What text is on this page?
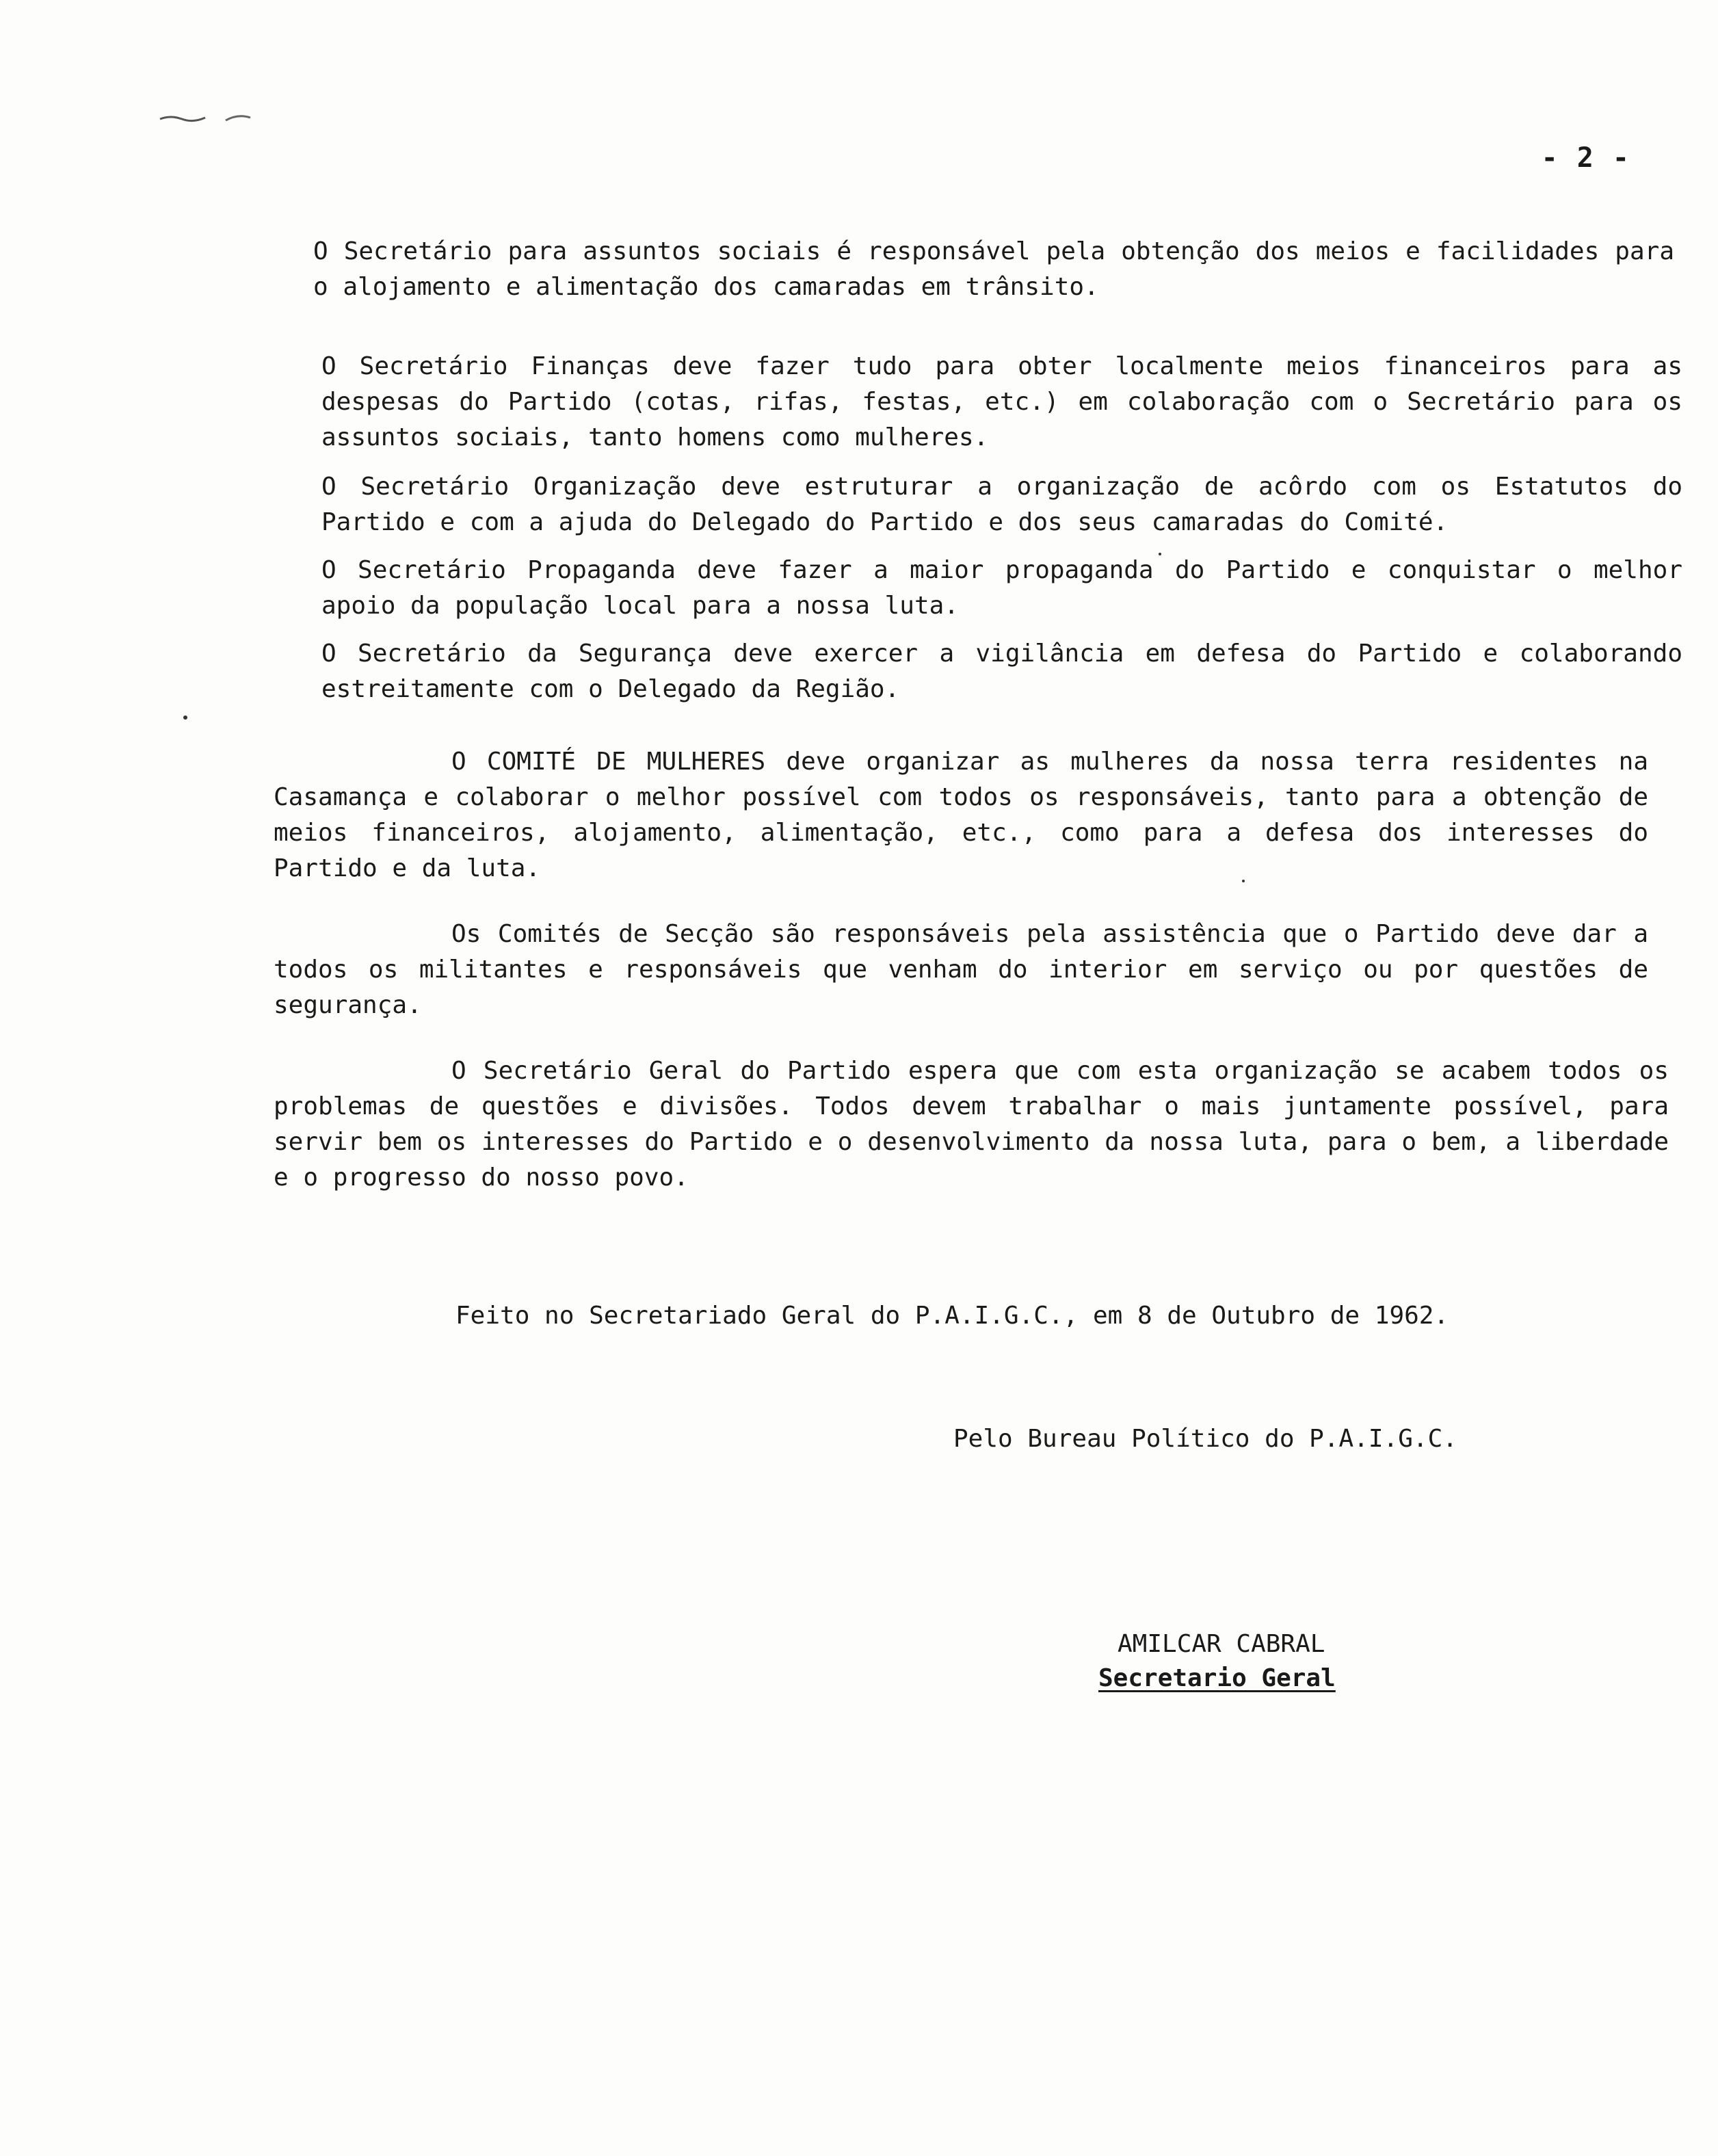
- 2 -

O Secretário para assuntos sociais é responsável pela obtenção dos meios e facilidades para o alojamento e alimentação dos camaradas em trânsito.

O Secretário Finanças deve fazer tudo para obter localmente meios financeiros para as despesas do Partido (cotas, rifas, festas, etc.) em colaboração com o Secretário para os assuntos sociais, tanto homens como mulheres.

O Secretário Organização deve estruturar a organização de acôrdo com os Estatutos do Partido e com a ajuda do Delegado do Partido e dos seus camaradas do Comité.

O Secretário Propaganda deve fazer a maior propaganda do Partido e conquistar o melhor apoio da população local para a nossa luta.

O Secretário da Segurança deve exercer a vigilância em defesa do Partido e colaborando estreitamente com o Delegado da Região.

O COMITÉ DE MULHERES deve organizar as mulheres da nossa terra residentes na Casamança e colaborar o melhor possível com todos os responsáveis, tanto para a obtenção de meios financeiros, alojamento, alimentação, etc., como para a defesa dos interesses do Partido e da luta.

Os Comités de Secção são responsáveis pela assistência que o Partido deve dar a todos os militantes e responsáveis que venham do interior em serviço ou por questões de segurança.

O Secretário Geral do Partido espera que com esta organização se acabem todos os problemas de questões e divisões. Todos devem trabalhar o mais juntamente possível, para servir bem os interesses do Partido e o desenvolvimento da nossa luta, para o bem, a liberdade e o progresso do nosso povo.

Feito no Secretariado Geral do P.A.I.G.C., em 8 de Outubro de 1962.
Pelo Bureau Político do P.A.I.G.C.
AMILCAR CABRAL
Secretario Geral
